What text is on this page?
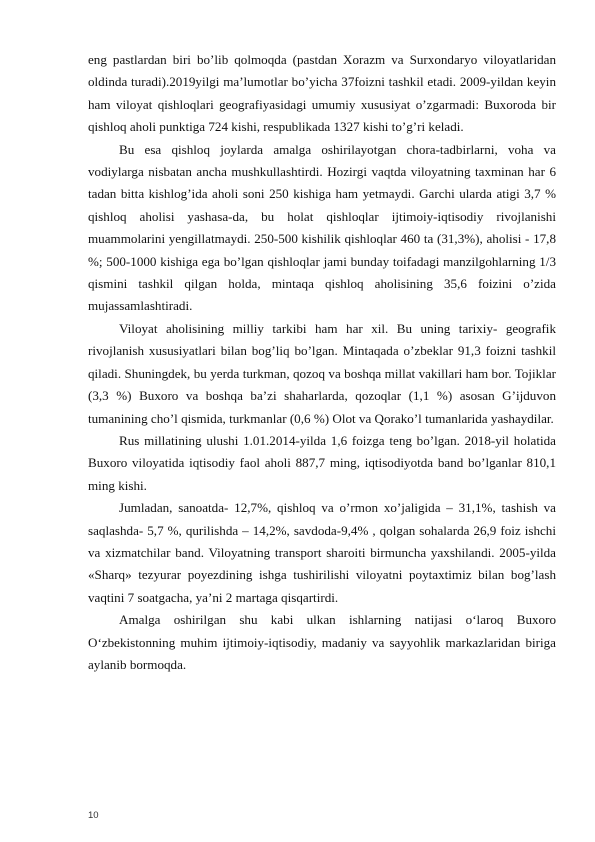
eng pastlardan biri bo’lib qolmoqda (pastdan Xorazm va Surxondaryo viloyatlaridan oldinda turadi).2019yilgi ma’lumotlar bo’yicha 37foizni tashkil etadi. 2009-yildan keyin ham viloyat qishloqlari geografiyasidagi umumiy xususiyat o’zgarmadi: Buxoroda bir qishloq aholi punktiga 724 kishi, respublikada 1327 kishi to’g’ri keladi.

Bu esa qishloq joylarda amalga oshirilayotgan chora-tadbirlarni, voha va vodiylarga nisbatan ancha mushkullashtirdi. Hozirgi vaqtda viloyatning taxminan har 6 tadan bitta kishlog’ida aholi soni 250 kishiga ham yetmaydi. Garchi ularda atigi 3,7 % qishloq aholisi yashasa-da, bu holat qishloqlar ijtimoiy-iqtisodiy rivojlanishi muammolarini yengillatmaydi. 250-500 kishilik qishloqlar 460 ta (31,3%), aholisi - 17,8 %; 500-1000 kishiga ega bo’lgan qishloqlar jami bunday toifadagi manzilgohlarning 1/3 qismini tashkil qilgan holda, mintaqa qishloq aholisining 35,6 foizini o’zida mujassamlashtiradi.

Viloyat aholisining milliy tarkibi ham har xil. Bu uning tarixiy- geografik rivojlanish xususiyatlari bilan bog’liq bo’lgan. Mintaqada o’zbeklar 91,3 foizni tashkil qiladi. Shuningdek, bu yerda turkman, qozoq va boshqa millat vakillari ham bor. Tojiklar (3,3 %) Buxoro va boshqa ba’zi shaharlarda, qozoqlar (1,1 %) asosan G’ijduvon tumanining cho’l qismida, turkmanlar (0,6 %) Olot va Qorako’l tumanlarida yashaydilar.

Rus millatining ulushi 1.01.2014-yilda 1,6 foizga teng bo’lgan. 2018-yil holatida Buxoro viloyatida iqtisodiy faol aholi 887,7 ming, iqtisodiyotda band bo’lganlar 810,1 ming kishi.

Jumladan, sanoatda- 12,7%, qishloq va o’rmon xo’jaligida – 31,1%, tashish va saqlashda- 5,7 %, qurilishda – 14,2%, savdoda-9,4% , qolgan sohalarda 26,9 foiz ishchi va xizmatchilar band. Viloyatning transport sharoiti birmuncha yaxshilandi. 2005-yilda «Sharq» tezyurar poyezdining ishga tushirilishi viloyatni poytaxtimiz bilan bog’lash vaqtini 7 soatgacha, ya’ni 2 martaga qisqartirdi.

Amalga oshirilgan shu kabi ulkan ishlarning natijasi o‘laroq Buxoro O‘zbekistonning muhim ijtimoiy-iqtisodiy, madaniy va sayyohlik markazlaridan biriga aylanib bormoqda.

10
